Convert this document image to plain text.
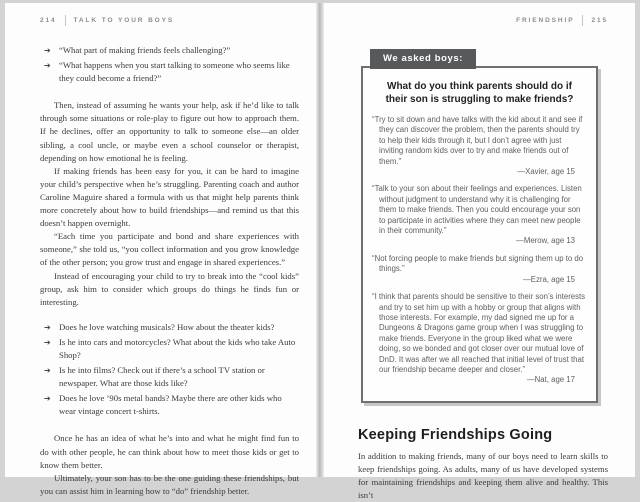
214	TALK TO YOUR BOYS
➔ “What part of making friends feels challenging?”
➔ “What happens when you start talking to someone who seems like they could become a friend?”

Then, instead of assuming he wants your help, ask if he’d like to talk through some situations or role-play to figure out how to approach them. If he declines, offer an opportunity to talk to someone else—an older sibling, a cool uncle, or maybe even a school counselor or therapist, depending on how emotional he is feeling.

If making friends has been easy for you, it can be hard to imagine your child’s perspective when he’s struggling. Parenting coach and author Caroline Maguire shared a formula with us that might help parents think more concretely about how to build friendships—and remind us that this doesn’t happen overnight.

“Each time you participate and bond and share experiences with someone,” she told us, “you collect information and you grow knowledge of the other person; you grow trust and engage in shared experiences.”

Instead of encouraging your child to try to break into the “cool kids” group, ask him to consider which groups do things he finds fun or interesting.

➔ Does he love watching musicals? How about the theater kids?
➔ Is he into cars and motorcycles? What about the kids who take Auto Shop?
➔ Is he into films? Check out if there’s a school TV station or newspaper. What are those kids like?
➔ Does he love ’90s metal bands? Maybe there are other kids who wear vintage concert t-shirts.

Once he has an idea of what he’s into and what he might find fun to do with other people, he can think about how to meet those kids or get to know them better.

Ultimately, your son has to be the one guiding these friendships, but you can assist him in learning how to “do” friendship better.

FRIENDSHIP	215
We asked boys:
What do you think parents should do if their son is struggling to make friends?
“Try to sit down and have talks with the kid about it and see if they can discover the problem, then the parents should try to help their kids through it, but I don’t agree with just inviting random kids over to try and make friends out of them.”
—Xavier, age 15
“Talk to your son about their feelings and experiences. Listen without judgment to understand why it is challenging for them to make friends. Then you could encourage your son to participate in activities where they can meet new people in their community.”
—Merow, age 13
“Not forcing people to make friends but signing them up to do things.”
—Ezra, age 15
“I think that parents should be sensitive to their son’s interests and try to set him up with a hobby or group that aligns with those interests. For example, my dad signed me up for a Dungeons & Dragons game group when I was struggling to make friends. Everyone in the group liked what we were doing, so we bonded and got closer over our mutual love of DnD. It was after we all reached that initial level of trust that our friendship became deeper and closer.”
—Nat, age 17
Keeping Friendships Going

In addition to making friends, many of our boys need to learn skills to keep friendships going. As adults, many of us have developed systems for maintaining friendships and keeping them alive and healthy. This isn’t
